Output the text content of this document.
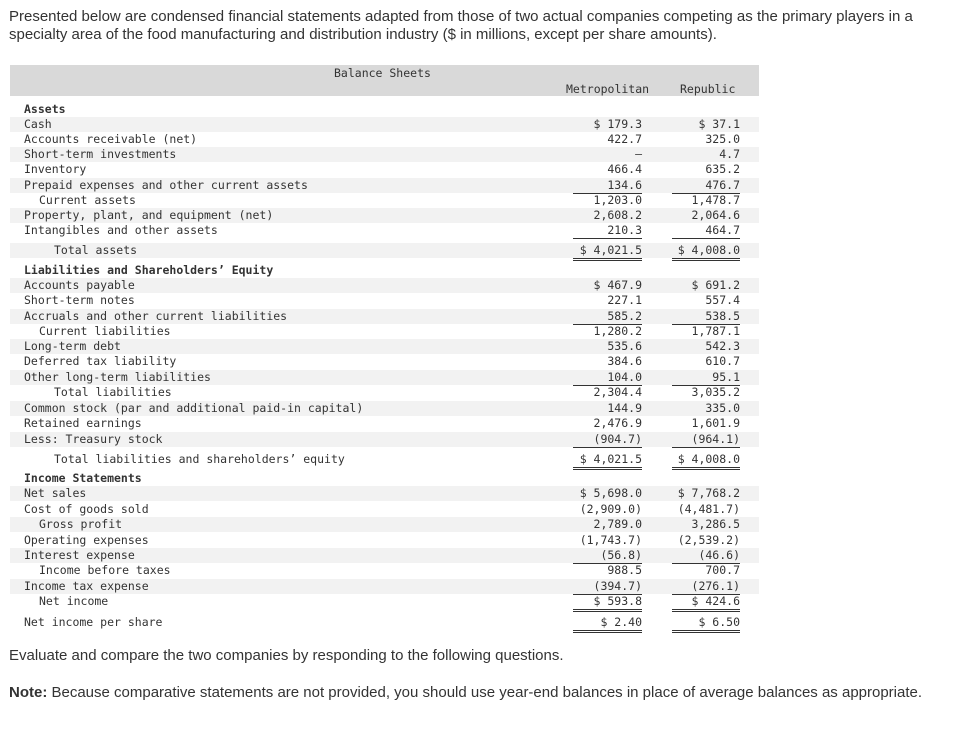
Presented below are condensed financial statements adapted from those of two actual companies competing as the primary players in a specialty area of the food manufacturing and distribution industry ($ in millions, except per share amounts).
Balance Sheets
Metropolitan	Republic
Assets
Cash	$ 179.3	$ 37.1
Accounts receivable (net)	422.7	325.0
Short-term investments	–	4.7
Inventory	466.4	635.2
Prepaid expenses and other current assets	134.6	476.7
Current assets	1,203.0	1,478.7
Property, plant, and equipment (net)	2,608.2	2,064.6
Intangibles and other assets	210.3	464.7
Total assets	$ 4,021.5	$ 4,008.0
Liabilities and Shareholders’ Equity
Accounts payable	$ 467.9	$ 691.2
Short-term notes	227.1	557.4
Accruals and other current liabilities	585.2	538.5
Current liabilities	1,280.2	1,787.1
Long-term debt	535.6	542.3
Deferred tax liability	384.6	610.7
Other long-term liabilities	104.0	95.1
Total liabilities	2,304.4	3,035.2
Common stock (par and additional paid-in capital)	144.9	335.0
Retained earnings	2,476.9	1,601.9
Less: Treasury stock	(904.7)	(964.1)
Total liabilities and shareholders’ equity	$ 4,021.5	$ 4,008.0
Income Statements
Net sales	$ 5,698.0	$ 7,768.2
Cost of goods sold	(2,909.0)	(4,481.7)
Gross profit	2,789.0	3,286.5
Operating expenses	(1,743.7)	(2,539.2)
Interest expense	(56.8)	(46.6)
Income before taxes	988.5	700.7
Income tax expense	(394.7)	(276.1)
Net income	$ 593.8	$ 424.6
Net income per share	$ 2.40	$ 6.50
Evaluate and compare the two companies by responding to the following questions.
Note: Because comparative statements are not provided, you should use year-end balances in place of average balances as appropriate.
